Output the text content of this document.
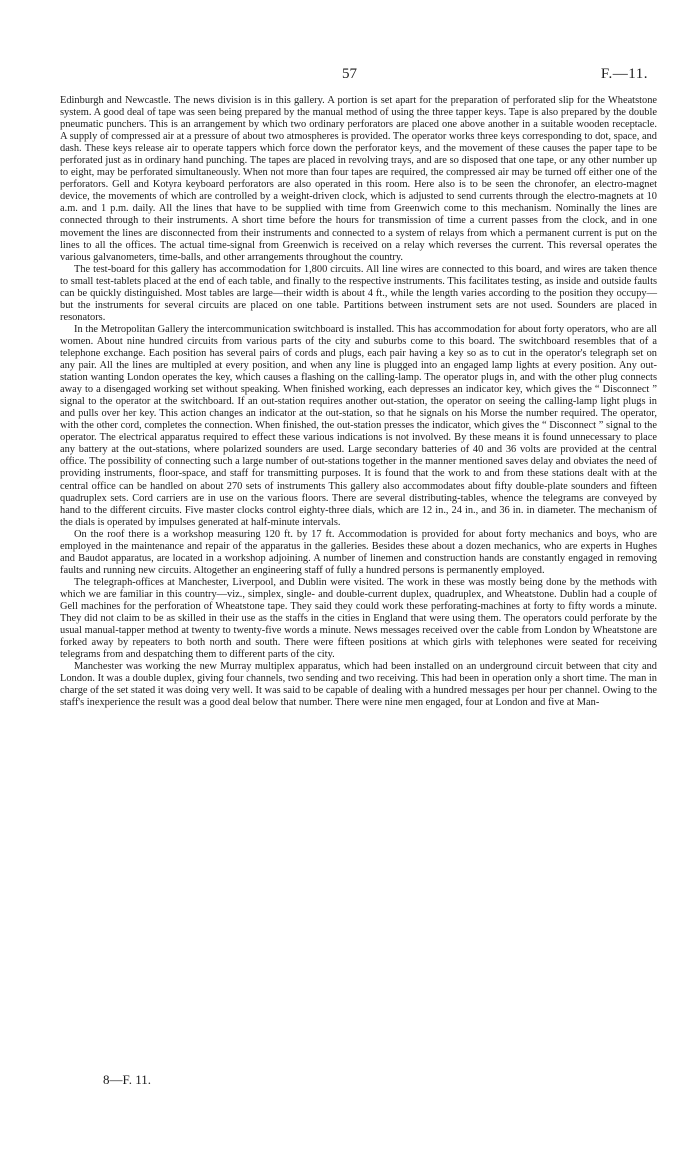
57	F.—11.

Edinburgh and Newcastle. The news division is in this gallery. A portion is set apart for the preparation of perforated slip for the Wheatstone system. A good deal of tape was seen being prepared by the manual method of using the three tapper keys. Tape is also prepared by the double pneumatic punchers. This is an arrangement by which two ordinary perforators are placed one above another in a suitable wooden receptacle. A supply of compressed air at a pressure of about two atmospheres is provided. The operator works three keys corresponding to dot, space, and dash. These keys release air to operate tappers which force down the perforator keys, and the movement of these causes the paper tape to be perforated just as in ordinary hand punching. The tapes are placed in revolving trays, and are so disposed that one tape, or any other number up to eight, may be perforated simultaneously. When not more than four tapes are required, the compressed air may be turned off either one of the perforators. Gell and Kotyra keyboard perforators are also operated in this room. Here also is to be seen the chronofer, an electro-magnet device, the movements of which are controlled by a weight-driven clock, which is adjusted to send currents through the electro-magnets at 10 a.m. and 1 p.m. daily. All the lines that have to be supplied with time from Greenwich come to this mechanism. Nominally the lines are connected through to their instruments. A short time before the hours for transmission of time a current passes from the clock, and in one movement the lines are disconnected from their instruments and connected to a system of relays from which a permanent current is put on the lines to all the offices. The actual time-signal from Greenwich is received on a relay which reverses the current. This reversal operates the various galvanometers, time-balls, and other arrangements throughout the country.

The test-board for this gallery has accommodation for 1,800 circuits. All line wires are connected to this board, and wires are taken thence to small test-tablets placed at the end of each table, and finally to the respective instruments. This facilitates testing, as inside and outside faults can be quickly distinguished. Most tables are large—their width is about 4 ft., while the length varies according to the position they occupy—but the instruments for several circuits are placed on one table. Partitions between instrument sets are not used. Sounders are placed in resonators.

In the Metropolitan Gallery the intercommunication switchboard is installed. This has accommodation for about forty operators, who are all women. About nine hundred circuits from various parts of the city and suburbs come to this board. The switchboard resembles that of a telephone exchange. Each position has several pairs of cords and plugs, each pair having a key so as to cut in the operator's telegraph set on any pair. All the lines are multipled at every position, and when any line is plugged into an engaged lamp lights at every position. Any out-station wanting London operates the key, which causes a flashing on the calling-lamp. The operator plugs in, and with the other plug connects away to a disengaged working set without speaking. When finished working, each depresses an indicator key, which gives the “ Disconnect ” signal to the operator at the switchboard. If an out-station requires another out-station, the operator on seeing the calling-lamp light plugs in and pulls over her key. This action changes an indicator at the out-station, so that he signals on his Morse the number required. The operator, with the other cord, completes the connection. When finished, the out-station presses the indicator, which gives the “ Disconnect ” signal to the operator. The electrical apparatus required to effect these various indications is not involved. By these means it is found unnecessary to place any battery at the out-stations, where polarized sounders are used. Large secondary batteries of 40 and 36 volts are provided at the central office. The possibility of connecting such a large number of out-stations together in the manner mentioned saves delay and obviates the need of providing instruments, floor-space, and staff for transmitting purposes. It is found that the work to and from these stations dealt with at the central office can be handled on about 270 sets of instruments This gallery also accommodates about fifty double-plate sounders and fifteen quadruplex sets. Cord carriers are in use on the various floors. There are several distributing-tables, whence the telegrams are conveyed by hand to the different circuits. Five master clocks control eighty-three dials, which are 12 in., 24 in., and 36 in. in diameter. The mechanism of the dials is operated by impulses generated at half-minute intervals.

On the roof there is a workshop measuring 120 ft. by 17 ft. Accommodation is provided for about forty mechanics and boys, who are employed in the maintenance and repair of the apparatus in the galleries. Besides these about a dozen mechanics, who are experts in Hughes and Baudot apparatus, are located in a workshop adjoining. A number of linemen and construction hands are constantly engaged in removing faults and running new circuits. Altogether an engineering staff of fully a hundred persons is permanently employed.

The telegraph-offices at Manchester, Liverpool, and Dublin were visited. The work in these was mostly being done by the methods with which we are familiar in this country—viz., simplex, single- and double-current duplex, quadruplex, and Wheatstone. Dublin had a couple of Gell machines for the perforation of Wheatstone tape. They said they could work these perforating-machines at forty to fifty words a minute. They did not claim to be as skilled in their use as the staffs in the cities in England that were using them. The operators could perforate by the usual manual-tapper method at twenty to twenty-five words a minute. News messages received over the cable from London by Wheatstone are forked away by repeaters to both north and south. There were fifteen positions at which girls with telephones were seated for receiving telegrams from and despatching them to different parts of the city.

Manchester was working the new Murray multiplex apparatus, which had been installed on an underground circuit between that city and London. It was a double duplex, giving four channels, two sending and two receiving. This had been in operation only a short time. The man in charge of the set stated it was doing very well. It was said to be capable of dealing with a hundred messages per hour per channel. Owing to the staff's inexperience the result was a good deal below that number. There were nine men engaged, four at London and five at Man-

8—F. 11.
